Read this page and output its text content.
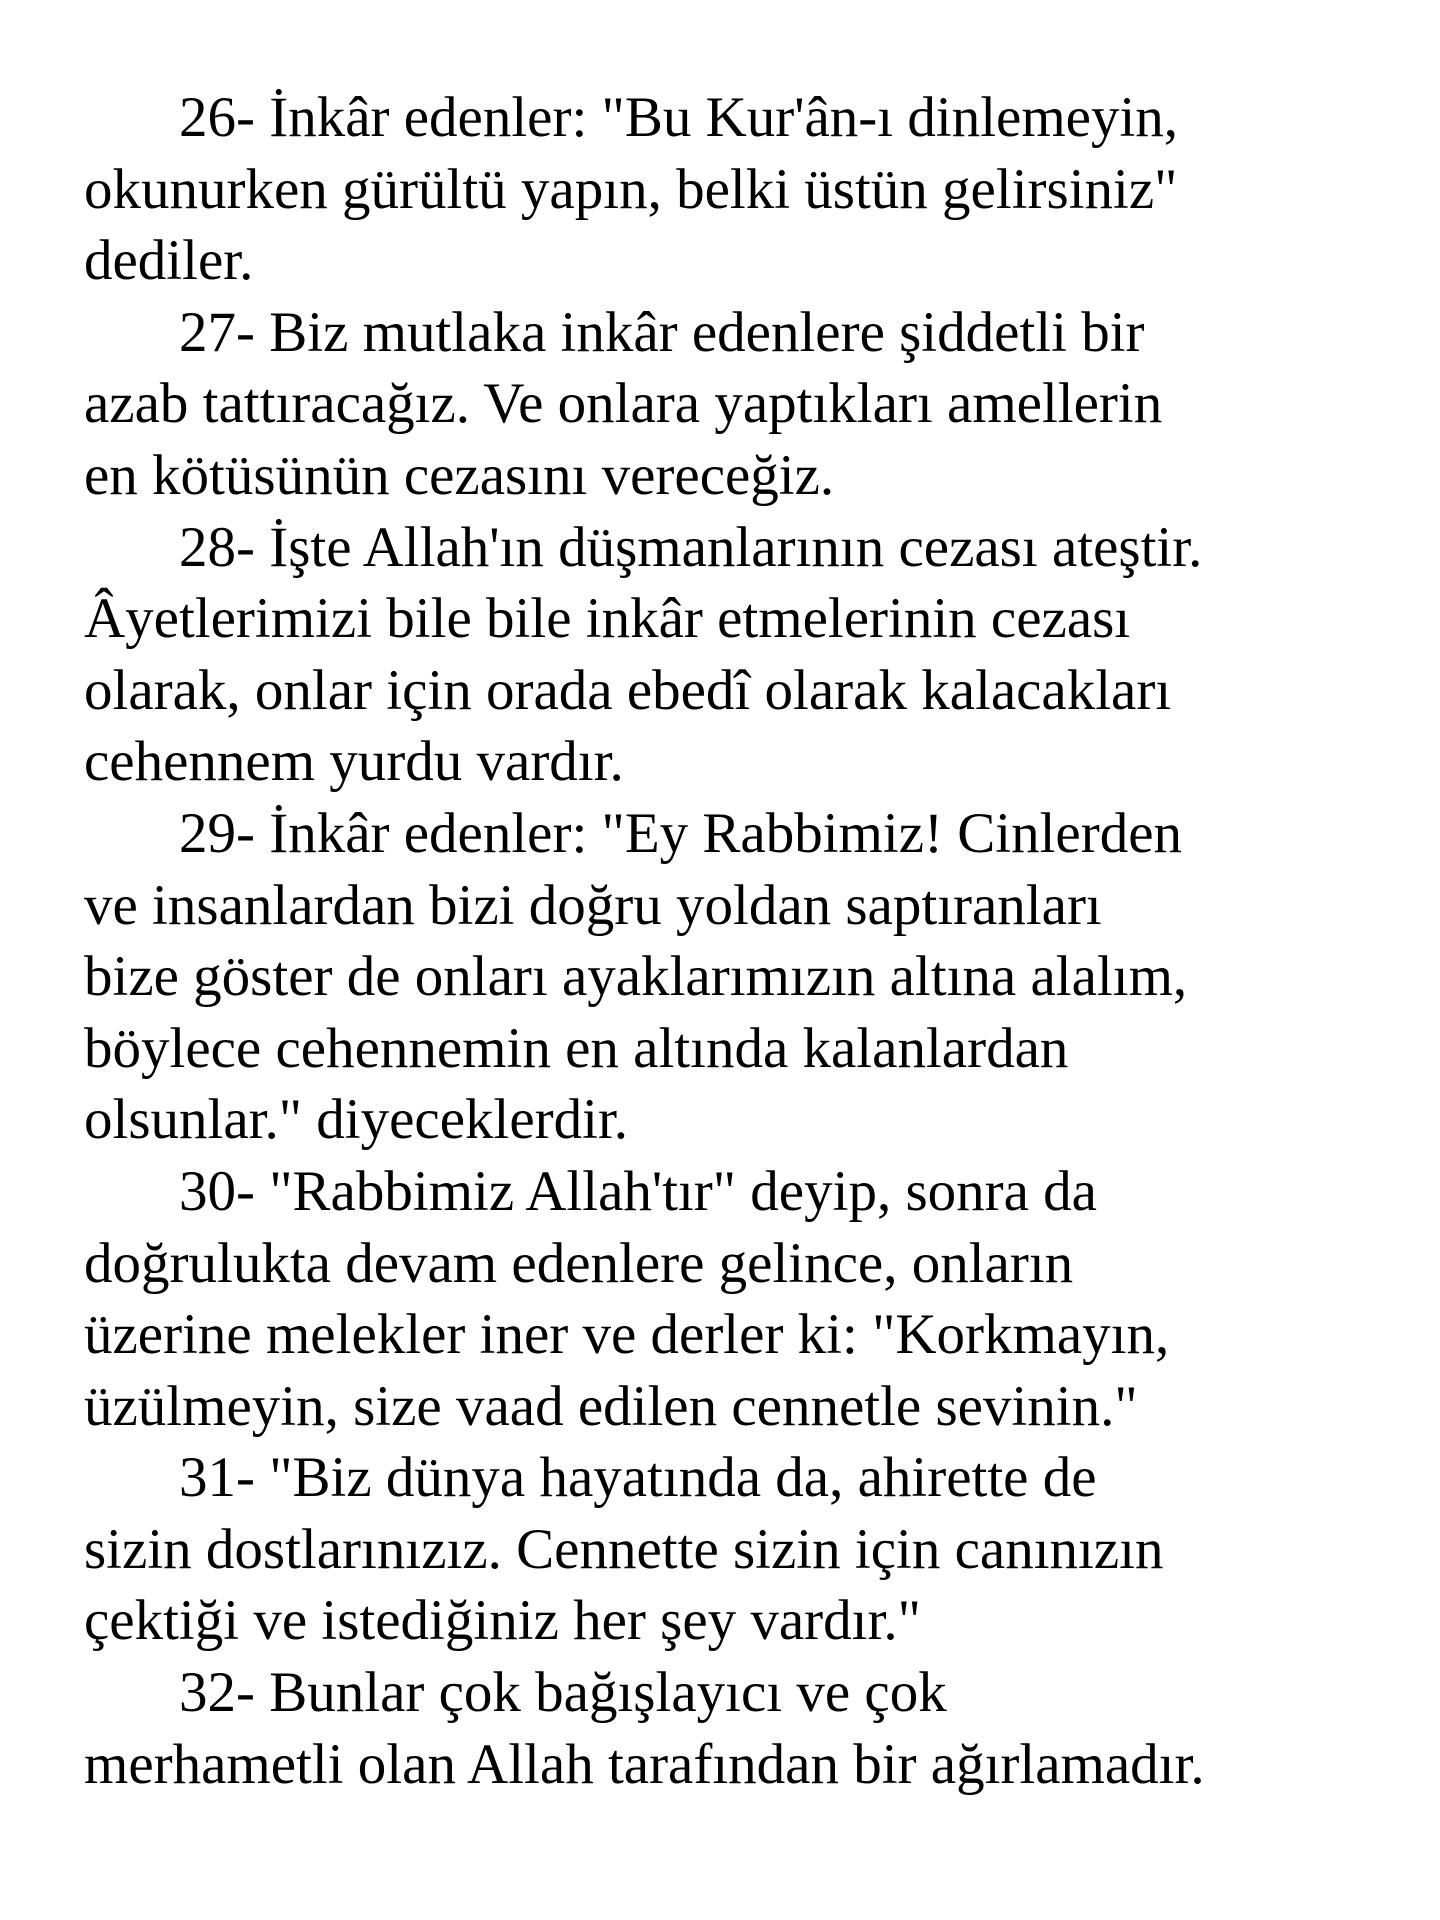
26- İnkâr edenler: "Bu Kur'ân-ı dinlemeyin,
okunurken gürültü yapın, belki üstün gelirsiniz"
dediler.

27- Biz mutlaka inkâr edenlere şiddetli bir
azab tattıracağız. Ve onlara yaptıkları amellerin
en kötüsünün cezasını vereceğiz.

28- İşte Allah'ın düşmanlarının cezası ateştir.
Âyetlerimizi bile bile inkâr etmelerinin cezası
olarak, onlar için orada ebedî olarak kalacakları
cehennem yurdu vardır.

29- İnkâr edenler: "Ey Rabbimiz! Cinlerden
ve insanlardan bizi doğru yoldan saptıranları
bize göster de onları ayaklarımızın altına alalım,
böylece cehennemin en altında kalanlardan
olsunlar." diyeceklerdir.

30- "Rabbimiz Allah'tır" deyip, sonra da
doğrulukta devam edenlere gelince, onların
üzerine melekler iner ve derler ki: "Korkmayın,
üzülmeyin, size vaad edilen cennetle sevinin."

31- "Biz dünya hayatında da, ahirette de
sizin dostlarınızız. Cennette sizin için canınızın
çektiği ve istediğiniz her şey vardır."

32- Bunlar çok bağışlayıcı ve çok
merhametli olan Allah tarafından bir ağırlamadır.
